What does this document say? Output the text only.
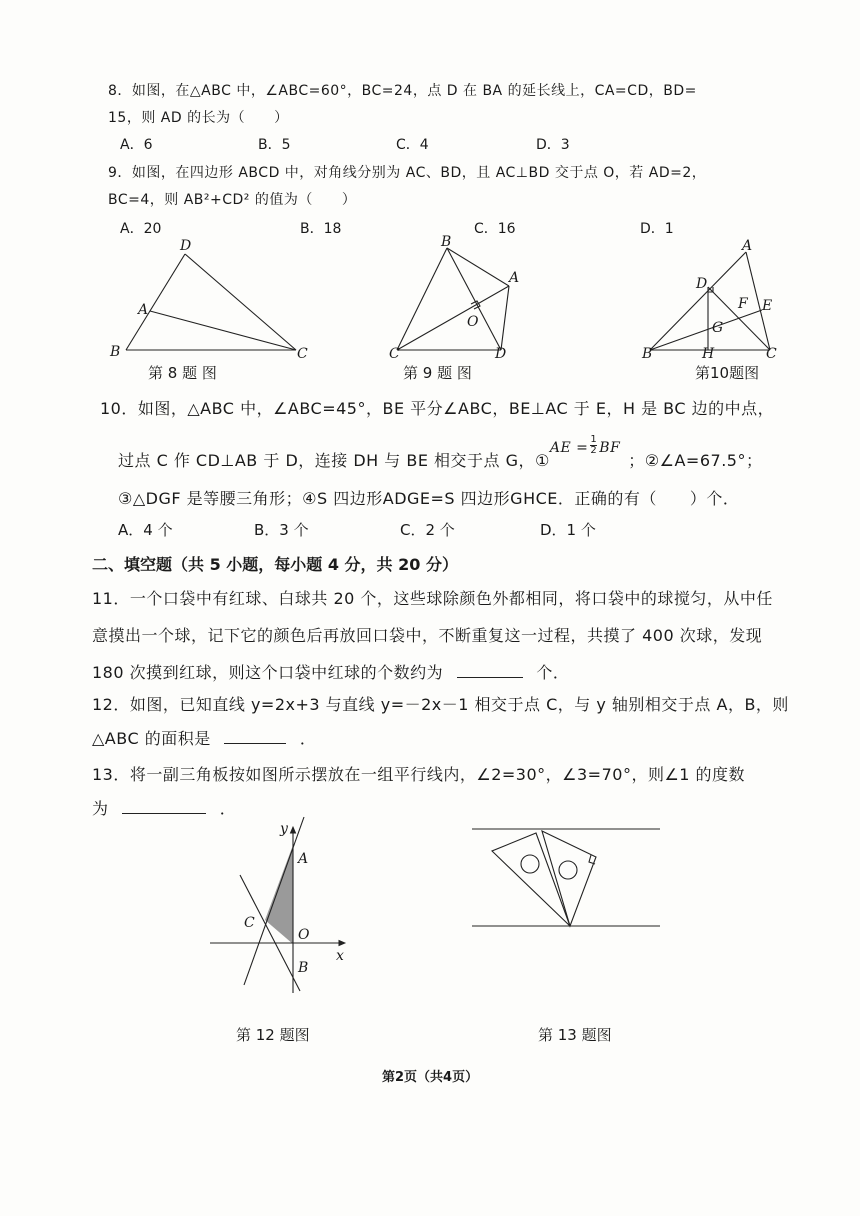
8．如图，在△ABC 中，∠ABC=60°，BC=24，点 D 在 BA 的延长线上，CA=CD，BD=
15，则 AD 的长为（　　）
A．6	B．5	C．4	D．3
9．如图，在四边形 ABCD 中，对角线分别为 AC、BD，且 AC⊥BD 交于点 O，若 AD=2，
BC=4，则 AB²+CD² 的值为（　　）
A．20	B．18	C．16	D．1
D
A
B	C
第 8 题 图
B
A
O
C	D
第 9 题 图
A
D
F E
G
B	H	C
第10题图
10．如图，△ABC 中，∠ABC=45°，BE 平分∠ABC，BE⊥AC 于 E，H 是 BC 边的中点，
过点 C 作 CD⊥AB 于 D，连接 DH 与 BE 相交于点 G，①AE = $\frac{1}{2}$ BF；②∠A=67.5°；
③△DGF 是等腰三角形；④S 四边形ADGE=S 四边形GHCE．正确的有（　　）个．
A．4 个	B．3 个	C．2 个	D．1 个
二、填空题（共 5 小题，每小题 4 分，共 20 分）
11．一个口袋中有红球、白球共 20 个，这些球除颜色外都相同，将口袋中的球搅匀，从中任
意摸出一个球，记下它的颜色后再放回口袋中，不断重复这一过程，共摸了 400 次球，发现
180 次摸到红球，则这个口袋中红球的个数约为	个．
12．如图，已知直线 y=2x+3 与直线 y=－2x－1 相交于点 C，与 y 轴别相交于点 A，B，则
△ABC 的面积是	．
13．将一副三角板按如图所示摆放在一组平行线内，∠2=30°，∠3=70°，则∠1 的度数
为	．
y
A
C
O
x
B
第 12 题图	第 13 题图
第2页（共4页）
